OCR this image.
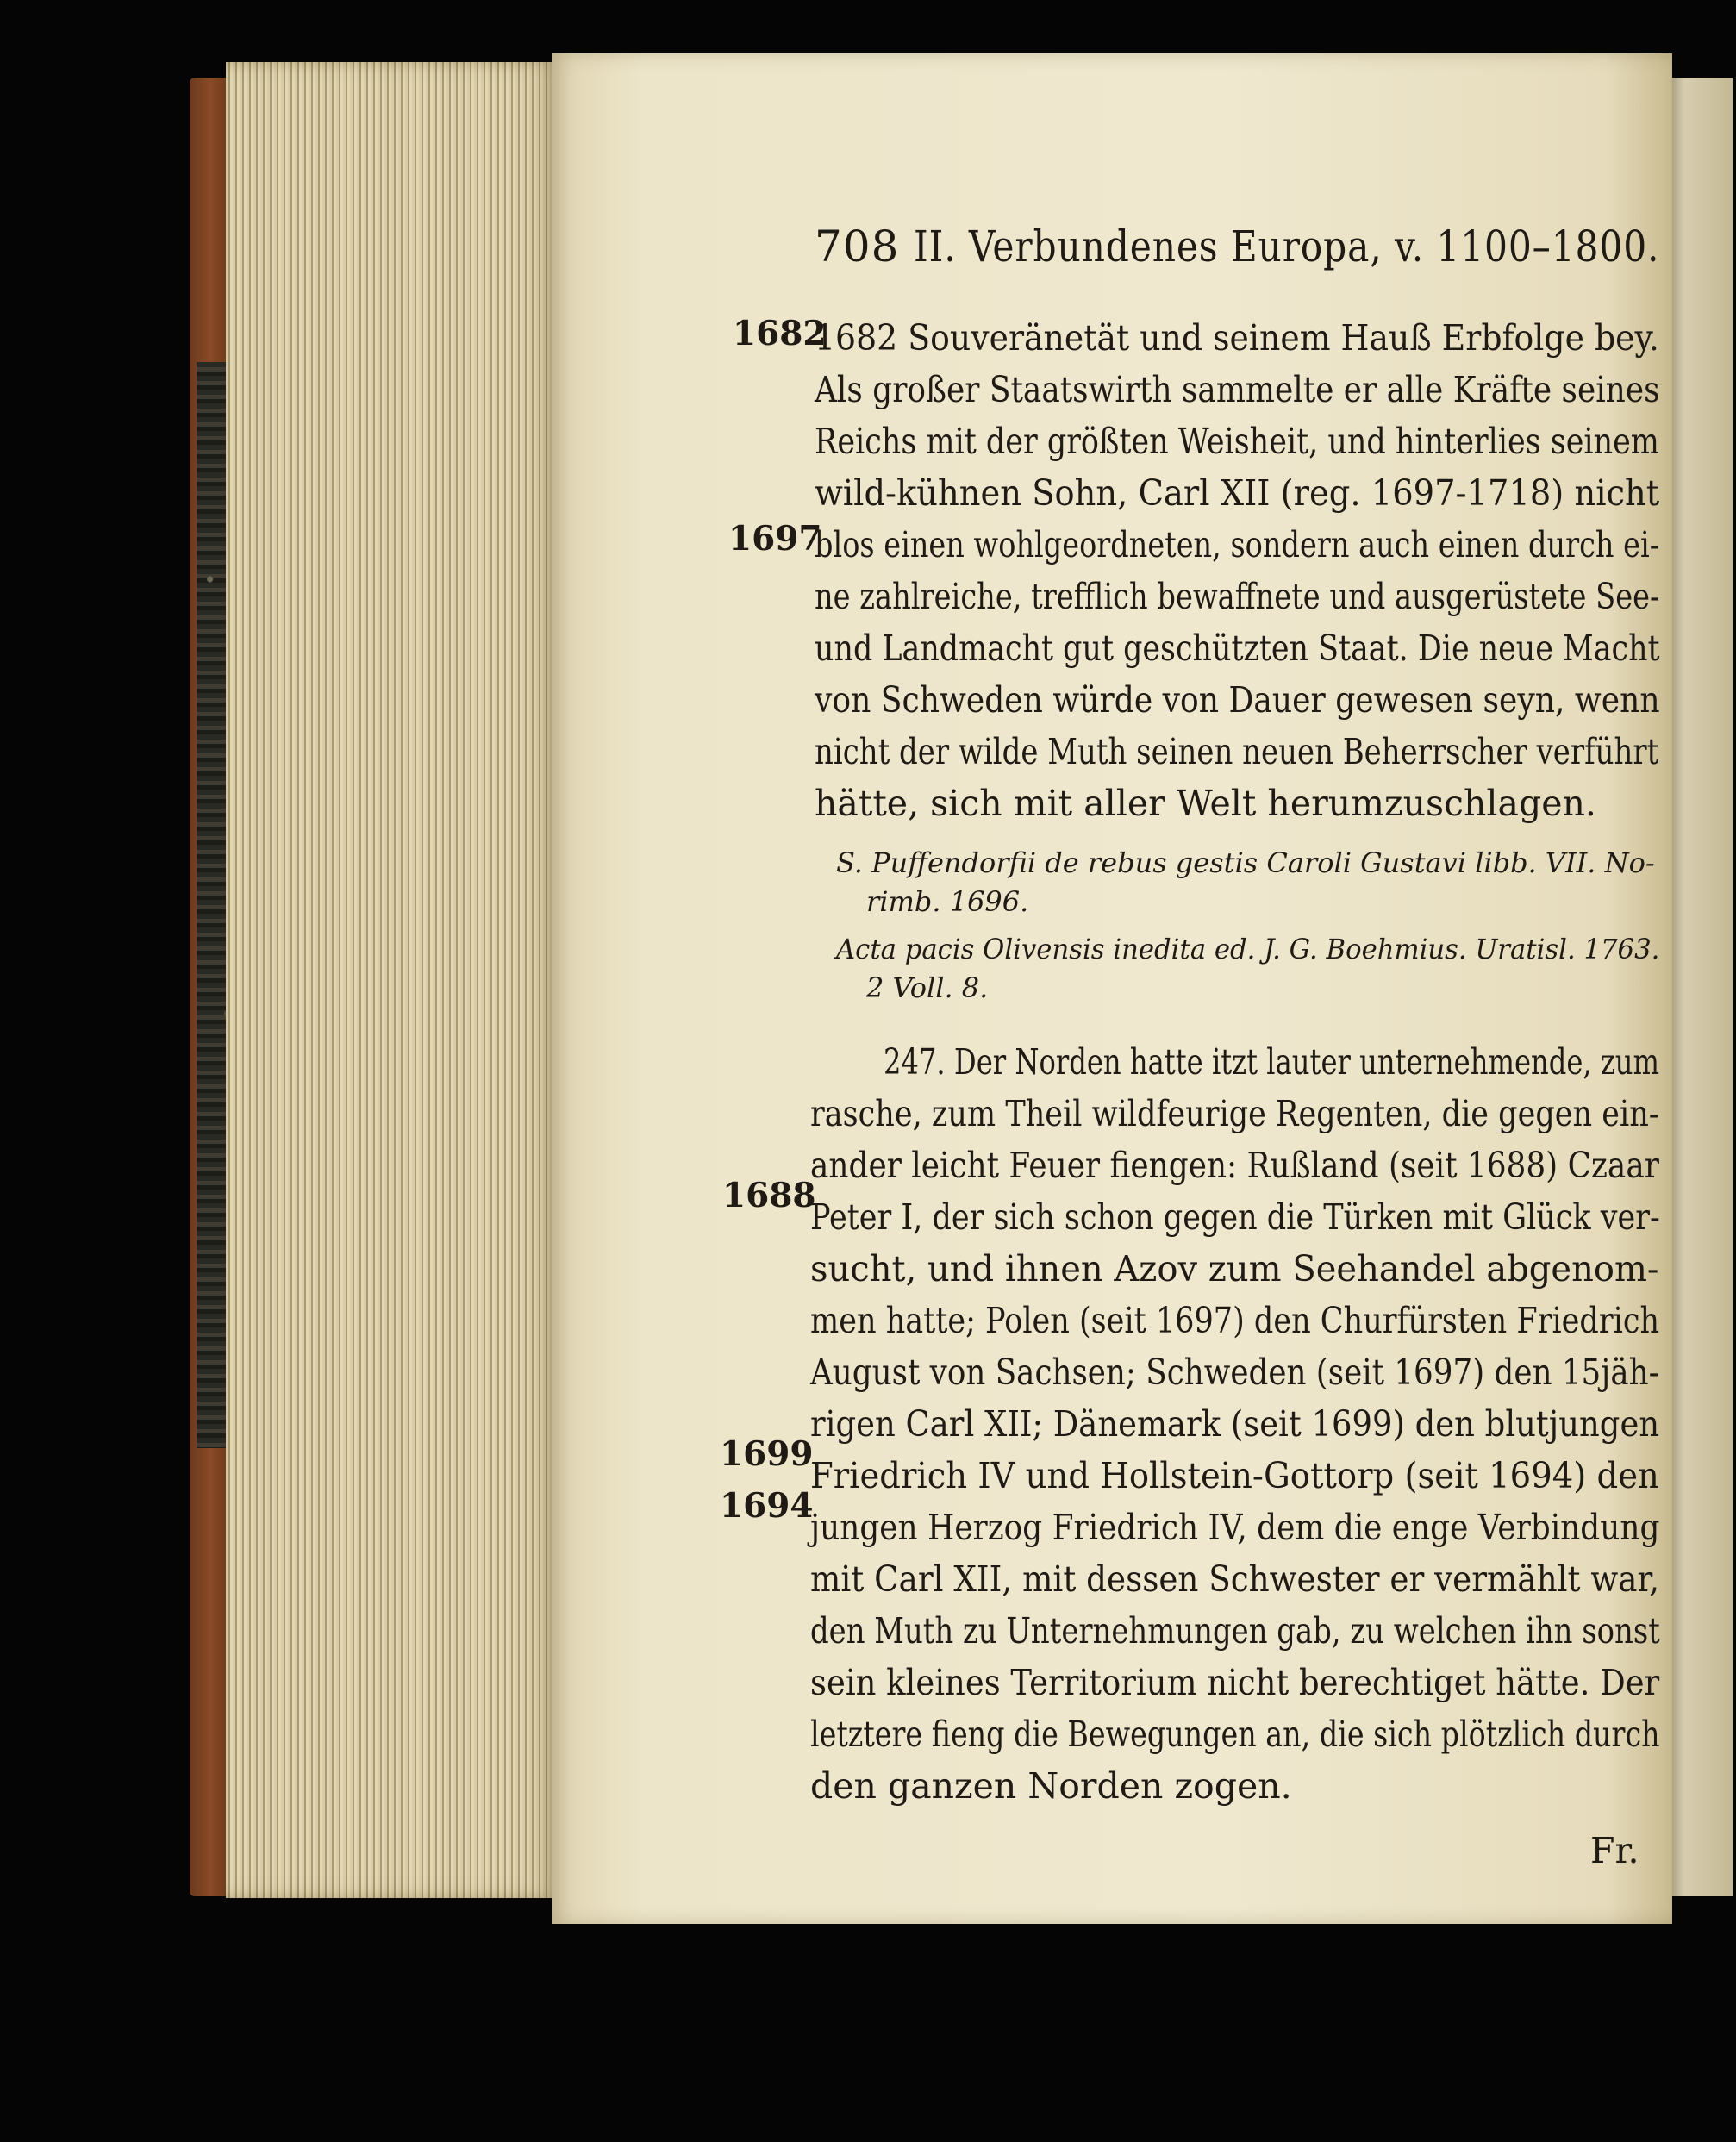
708 II. Verbundenes Europa, v. 1100–1800.
1682
1697
1688
1699
1694
1682 Souveränetät und seinem Hauß Erbfolge bey.
Als großer Staatswirth sammelte er alle Kräfte seines
Reichs mit der größten Weisheit, und hinterlies seinem
wild-kühnen Sohn, Carl XII (reg. 1697-1718) nicht
blos einen wohlgeordneten, sondern auch einen durch ei-
ne zahlreiche, trefflich bewaffnete und ausgerüstete See-
und Landmacht gut geschützten Staat. Die neue Macht
von Schweden würde von Dauer gewesen seyn, wenn
nicht der wilde Muth seinen neuen Beherrscher verführt
hätte, sich mit aller Welt herumzuschlagen.
S. Puffendorfii de rebus gestis Caroli Gustavi libb. VII. No-
rimb. 1696.
Acta pacis Olivensis inedita ed. J. G. Boehmius. Uratisl. 1763.
2 Voll. 8.
247. Der Norden hatte itzt lauter unternehmende, zum
rasche, zum Theil wildfeurige Regenten, die gegen ein-
ander leicht Feuer fiengen: Rußland (seit 1688) Czaar
Peter I, der sich schon gegen die Türken mit Glück ver-
sucht, und ihnen Azov zum Seehandel abgenom-
men hatte; Polen (seit 1697) den Churfürsten Friedrich
August von Sachsen; Schweden (seit 1697) den 15jäh-
rigen Carl XII; Dänemark (seit 1699) den blutjungen
Friedrich IV und Hollstein-Gottorp (seit 1694) den
jungen Herzog Friedrich IV, dem die enge Verbindung
mit Carl XII, mit dessen Schwester er vermählt war,
den Muth zu Unternehmungen gab, zu welchen ihn sonst
sein kleines Territorium nicht berechtiget hätte. Der
letztere fieng die Bewegungen an, die sich plötzlich durch
den ganzen Norden zogen.
Fr.
